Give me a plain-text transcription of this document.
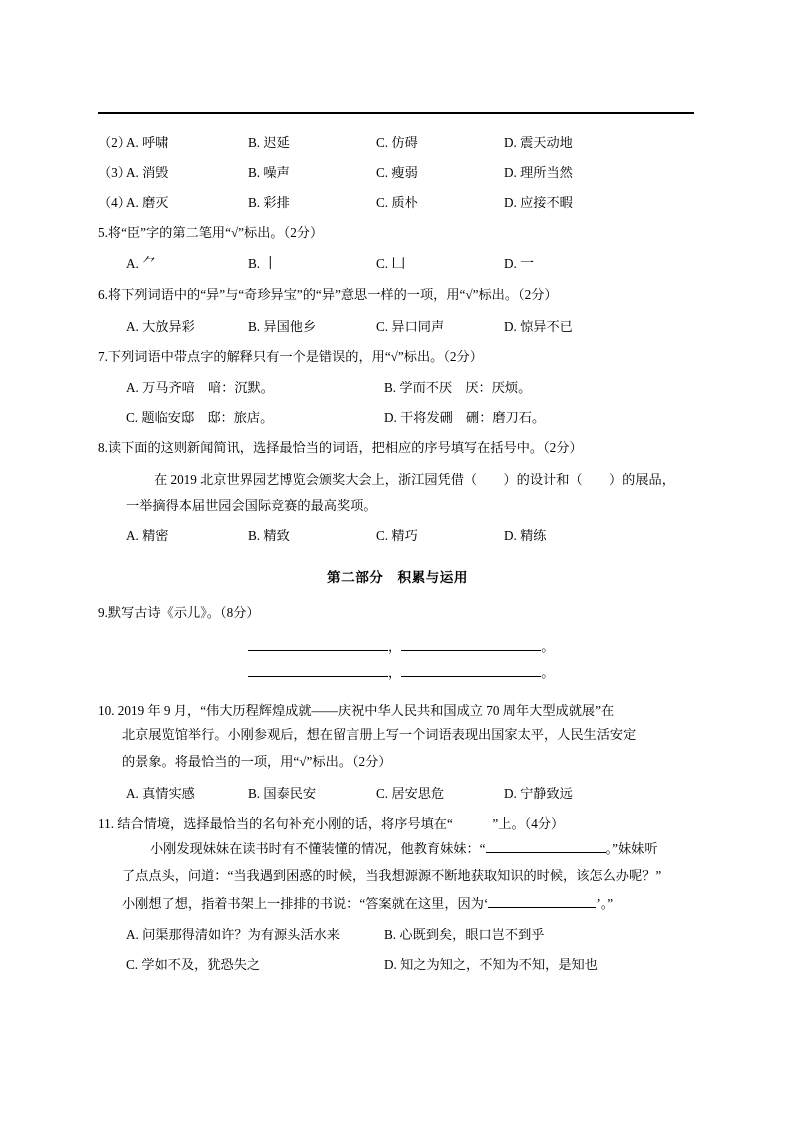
（2）
A. 呼啸	B. 迟延	C. 仿碍	D. 震天动地
（3）
A. 消毁	B. 噪声	C. 瘦弱	D. 理所当然
（4）
A. 磨灭	B. 彩排	C. 质朴	D. 应接不暇
5.将“臣”字的第二笔用“√”标出。（2分）
A. ⺈	B. 丨	C. 凵	D. 一
6.将下列词语中的“异”与“奇珍异宝”的“异”意思一样的一项，用“√”标出。（2分）
A. 大放异彩	B. 异国他乡	C. 异口同声	D. 惊异不已
7.下列词语中带点字的解释只有一个是错误的，用“√”标出。（2分）
A. 万马齐喑　喑：沉默。	B. 学而不厌　厌：厌烦。
C. 题临安邸　邸：旅店。	D. 干将发硎　硎：磨刀石。
8.读下面的这则新闻简讯，选择最恰当的词语，把相应的序号填写在括号中。（2分）
在 2019 北京世界园艺博览会颁奖大会上，浙江园凭借（　　）的设计和（　　）的展品，
一举摘得本届世园会国际竞赛的最高奖项。
A. 精密	B. 精致	C. 精巧	D. 精练
第二部分　积累与运用
9.默写古诗《示儿》。（8分）
，	。
，	。
10. 2019 年 9 月，“伟大历程辉煌成就——庆祝中华人民共和国成立 70 周年大型成就展”在
北京展览馆举行。小刚参观后，想在留言册上写一个词语表现出国家太平，人民生活安定
的景象。将最恰当的一项，用“√”标出。（2分）
A. 真情实感	B. 国泰民安	C. 居安思危	D. 宁静致远
11. 结合情境，选择最恰当的名句补充小刚的话，将序号填在“　　　”上。（4分）
小刚发现妹妹在读书时有不懂装懂的情况，他教育妹妹：“	。”妹妹听
了点点头，问道：“当我遇到困惑的时候，当我想源源不断地获取知识的时候，该怎么办呢？”
小刚想了想，指着书架上一排排的书说：“答案就在这里，因为‘	’。”
A. 问渠那得清如许？为有源头活水来	B. 心既到矣，眼口岂不到乎
C. 学如不及，犹恐失之	D. 知之为知之，不知为不知，是知也
